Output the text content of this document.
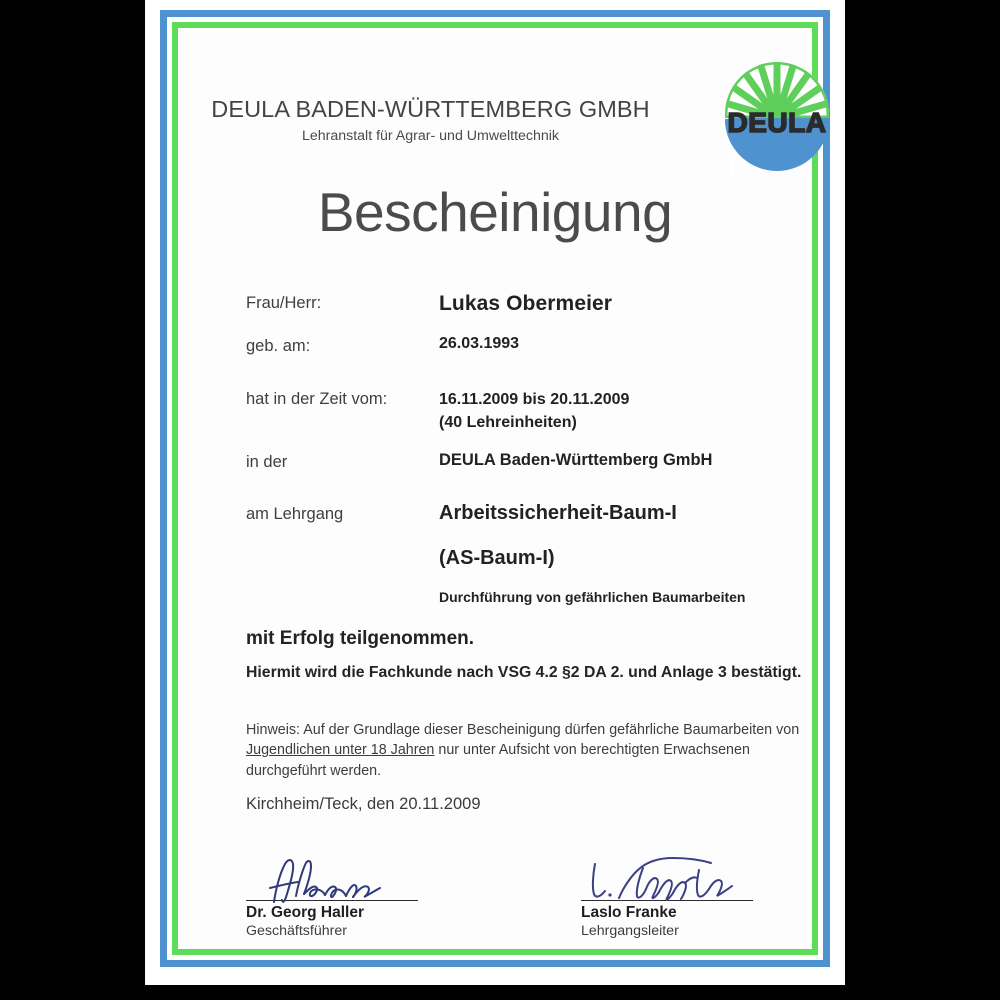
DEULA BADEN-WÜRTTEMBERG GMBH
Lehranstalt für Agrar- und Umwelttechnik	DEULA
Bescheinigung
Frau/Herr:	Lukas Obermeier
geb. am:	26.03.1993
hat in der Zeit vom:	16.11.2009 bis 20.11.2009
(40 Lehreinheiten)
in der	DEULA Baden-Württemberg GmbH
am Lehrgang	Arbeitssicherheit-Baum-I
(AS-Baum-I)
Durchführung von gefährlichen Baumarbeiten
mit Erfolg teilgenommen.
Hiermit wird die Fachkunde nach VSG 4.2 §2 DA 2. und Anlage 3 bestätigt.
Hinweis: Auf der Grundlage dieser Bescheinigung dürfen gefährliche Baumarbeiten von Jugendlichen unter 18 Jahren nur unter Aufsicht von berechtigten Erwachsenen durchgeführt werden.
Kirchheim/Teck, den 20.11.2009
Dr. Georg Haller
Geschäftsführer
Laslo Franke
Lehrgangsleiter
